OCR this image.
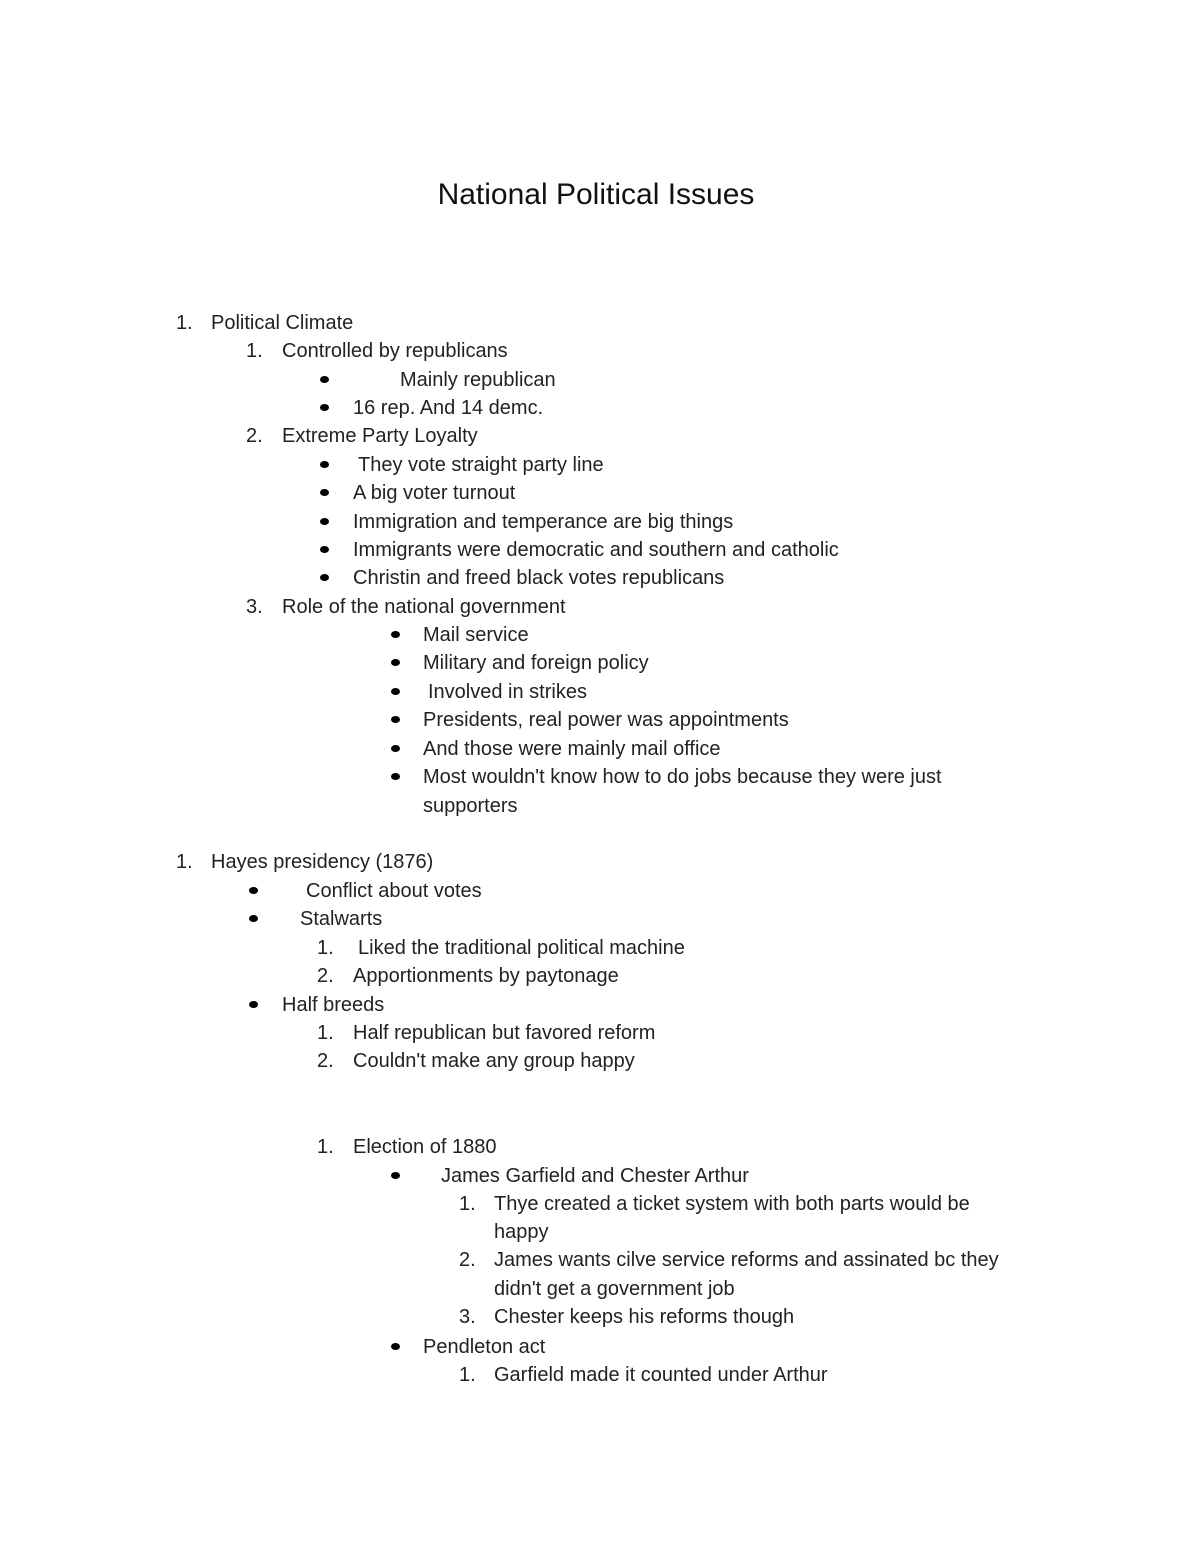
National Political Issues
1. Political Climate
1. Controlled by republicans
Mainly republican
16 rep. And 14 demc.
2. Extreme Party Loyalty
They vote straight party line
A big voter turnout
Immigration and temperance are big things
Immigrants were democratic and southern and catholic
Christin and freed black votes republicans
3. Role of the national government
Mail service
Military and foreign policy
Involved in strikes
Presidents, real power was appointments
And those were mainly mail office
Most wouldn't know how to do jobs because they were just
supporters
1. Hayes presidency (1876)
Conflict about votes
Stalwarts
1. Liked the traditional political machine
2. Apportionments by paytonage
Half breeds
1. Half republican but favored reform
2. Couldn't make any group happy
1. Election of 1880
James Garfield and Chester Arthur
1. Thye created a ticket system with both parts would be
happy
2. James wants cilve service reforms and assinated bc they
didn't get a government job
3. Chester keeps his reforms though
Pendleton act
1. Garfield made it counted under Arthur
